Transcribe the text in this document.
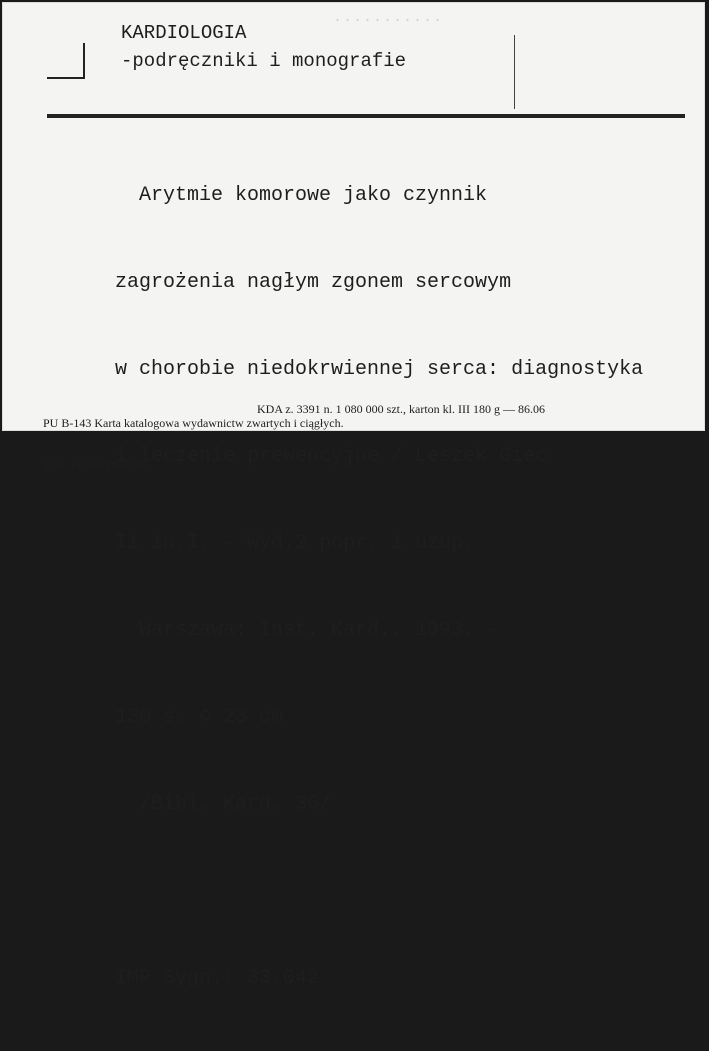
...........
KARDIOLOGIA
-podręczniki i monografie

Arytmie komorowe jako czynnik

zagrożenia nagłym zgonem sercowym

w chorobie niedokrwiennej serca: diagnostyka

i leczenie prewencyjne / Leszek Giec

Ii in.I. - Wyd.2 popr. i uzup.

Warszawa: Inst. Kard., 1993. -

130 s. ¢ 23 cm

/Bibl. Kard. 36/

IMP Sygn.: 33.042

PU B-143 Karta katalogowa wydawnictw zwartych i ciągłych.

Zam. nr 680/DW/ON

KDA z. 3391 n. 1 080 000 szt., karton kl. III 180 g — 86.06
